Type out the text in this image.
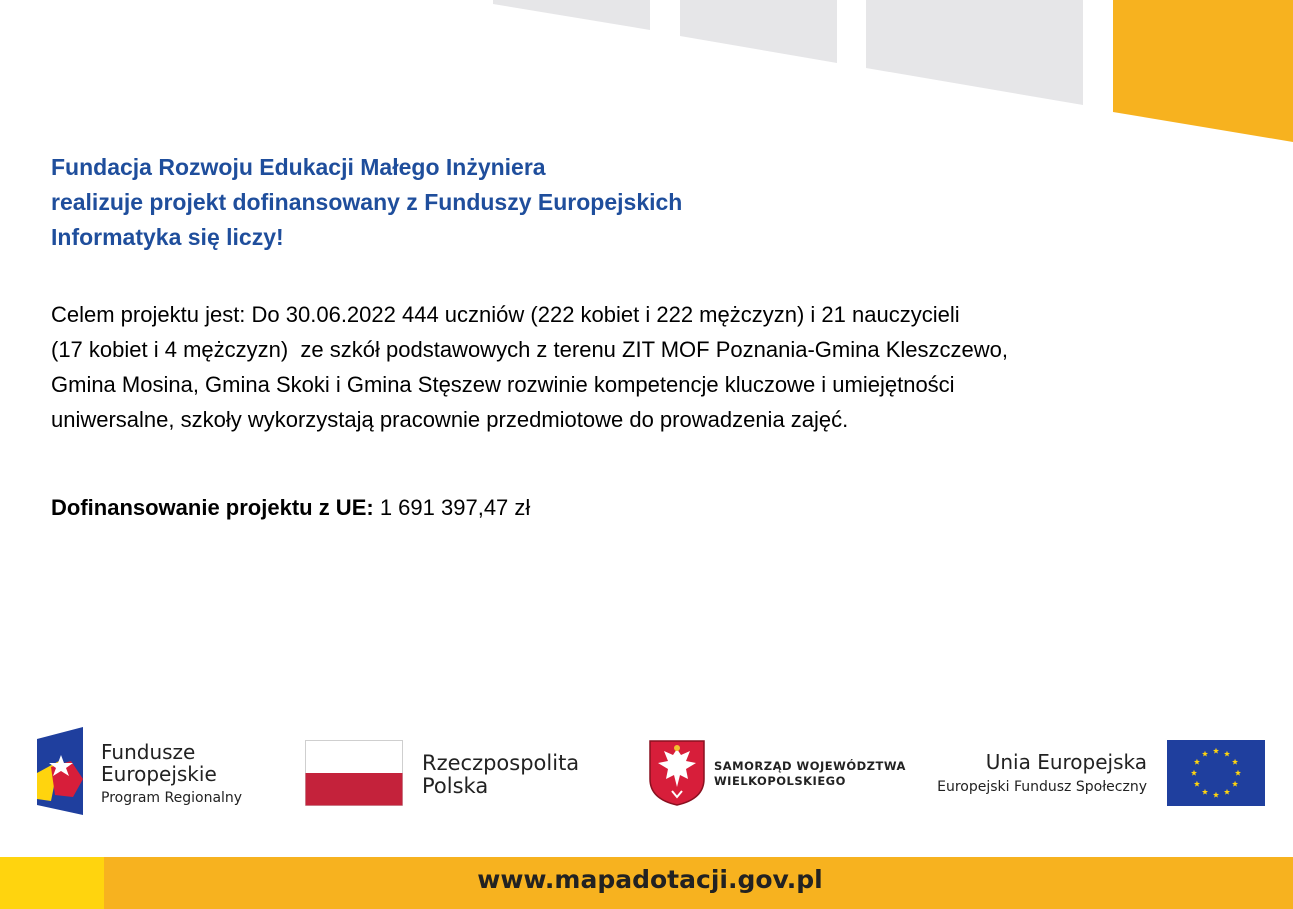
Fundacja Rozwoju Edukacji Małego Inżyniera
realizuje projekt dofinansowany z Funduszy Europejskich
Informatyka się liczy!
Celem projektu jest: Do 30.06.2022 444 uczniów (222 kobiet i 222 mężczyzn) i 21 nauczycieli
(17 kobiet i 4 mężczyzn)  ze szkół podstawowych z terenu ZIT MOF Poznania-Gmina Kleszczewo,
Gmina Mosina, Gmina Skoki i Gmina Stęszew rozwinie kompetencje kluczowe i umiejętności
uniwersalne, szkoły wykorzystają pracownie przedmiotowe do prowadzenia zajęć.
Dofinansowanie projektu z UE: 1 691 397,47 zł
Fundusze
Europejskie
Program Regionalny
Rzeczpospolita
Polska
SAMORZĄD WOJEWÓDZTWA
WIELKOPOLSKIEGO
Unia Europejska
Europejski Fundusz Społeczny
www.mapadotacji.gov.pl
